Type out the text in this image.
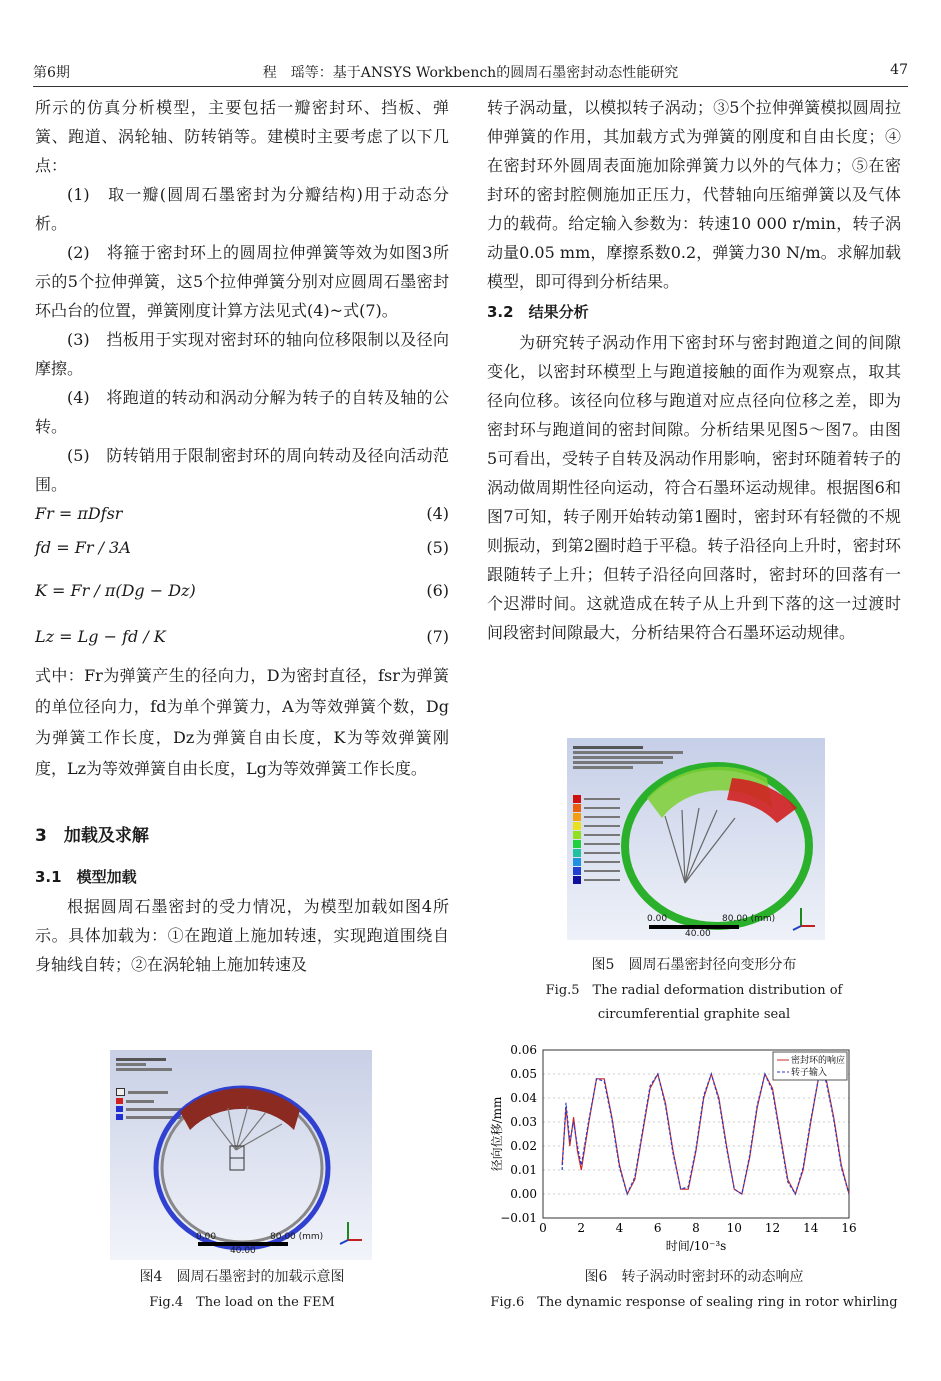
第6期	程　瑶等：基于ANSYS Workbench的圆周石墨密封动态性能研究	47

所示的仿真分析模型，主要包括一瓣密封环、挡板、弹簧、跑道、涡轮轴、防转销等。建模时主要考虑了以下几点：

(1)　取一瓣(圆周石墨密封为分瓣结构)用于动态分析。

(2)　将箍于密封环上的圆周拉伸弹簧等效为如图3所示的5个拉伸弹簧，这5个拉伸弹簧分别对应圆周石墨密封环凸台的位置，弹簧刚度计算方法见式(4)~式(7)。

(3)　挡板用于实现对密封环的轴向位移限制以及径向摩擦。

(4)　将跑道的转动和涡动分解为转子的自转及轴的公转。

(5)　防转销用于限制密封环的周向转动及径向活动范围。

Fr = πDfsr	(4)
fd = Fr / 3A	(5)
K = Fr / π(Dg − Dz)	(6)
Lz = Lg − fd / K	(7)

式中：Fr为弹簧产生的径向力，D为密封直径，fsr为弹簧的单位径向力，fd为单个弹簧力，A为等效弹簧个数，Dg为弹簧工作长度，Dz为弹簧自由长度，K为等效弹簧刚度，Lz为等效弹簧自由长度，Lg为等效弹簧工作长度。

3　加载及求解

3.1　模型加载

根据圆周石墨密封的受力情况，为模型加载如图4所示。具体加载为：①在跑道上施加转速，实现跑道围绕自身轴线自转；②在涡轮轴上施加转速及

转子涡动量，以模拟转子涡动；③5个拉伸弹簧模拟圆周拉伸弹簧的作用，其加载方式为弹簧的刚度和自由长度；④在密封环外圆周表面施加除弹簧力以外的气体力；⑤在密封环的密封腔侧施加正压力，代替轴向压缩弹簧以及气体力的载荷。给定输入参数为：转速10 000 r/min，转子涡动量0.05 mm，摩擦系数0.2，弹簧力30 N/m。求解加载模型，即可得到分析结果。

3.2　结果分析

为研究转子涡动作用下密封环与密封跑道之间的间隙变化，以密封环模型上与跑道接触的面作为观察点，取其径向位移。该径向位移与跑道对应点径向位移之差，即为密封环与跑道间的密封间隙。分析结果见图5～图7。由图5可看出，受转子自转及涡动作用影响，密封环随着转子的涡动做周期性径向运动，符合石墨环运动规律。根据图6和图7可知，转子刚开始转动第1圈时，密封环有轻微的不规则振动，到第2圈时趋于平稳。转子沿径向上升时，密封环跟随转子上升；但转子沿径向回落时，密封环的回落有一个迟滞时间。这就造成在转子从上升到下落的这一过渡时间段密封间隙最大，分析结果符合石墨环运动规律。

0.00	80.00 (mm)
40.00
图5　圆周石墨密封径向变形分布
Fig.5　The radial deformation distribution of
circumferential graphite seal
0.00	80.00 (mm)
40.00
图4　圆周石墨密封的加载示意图
Fig.4　The load on the FEM
0	2	4	6	8 10 12 14 16
−0.01
0.00
0.01
0.02
0.03
0.04
0.05
0.06
时间/10⁻³s
径向位移/mm
密封环的响应
转子输入
图6　转子涡动时密封环的动态响应
Fig.6　The dynamic response of sealing ring in rotor whirling
